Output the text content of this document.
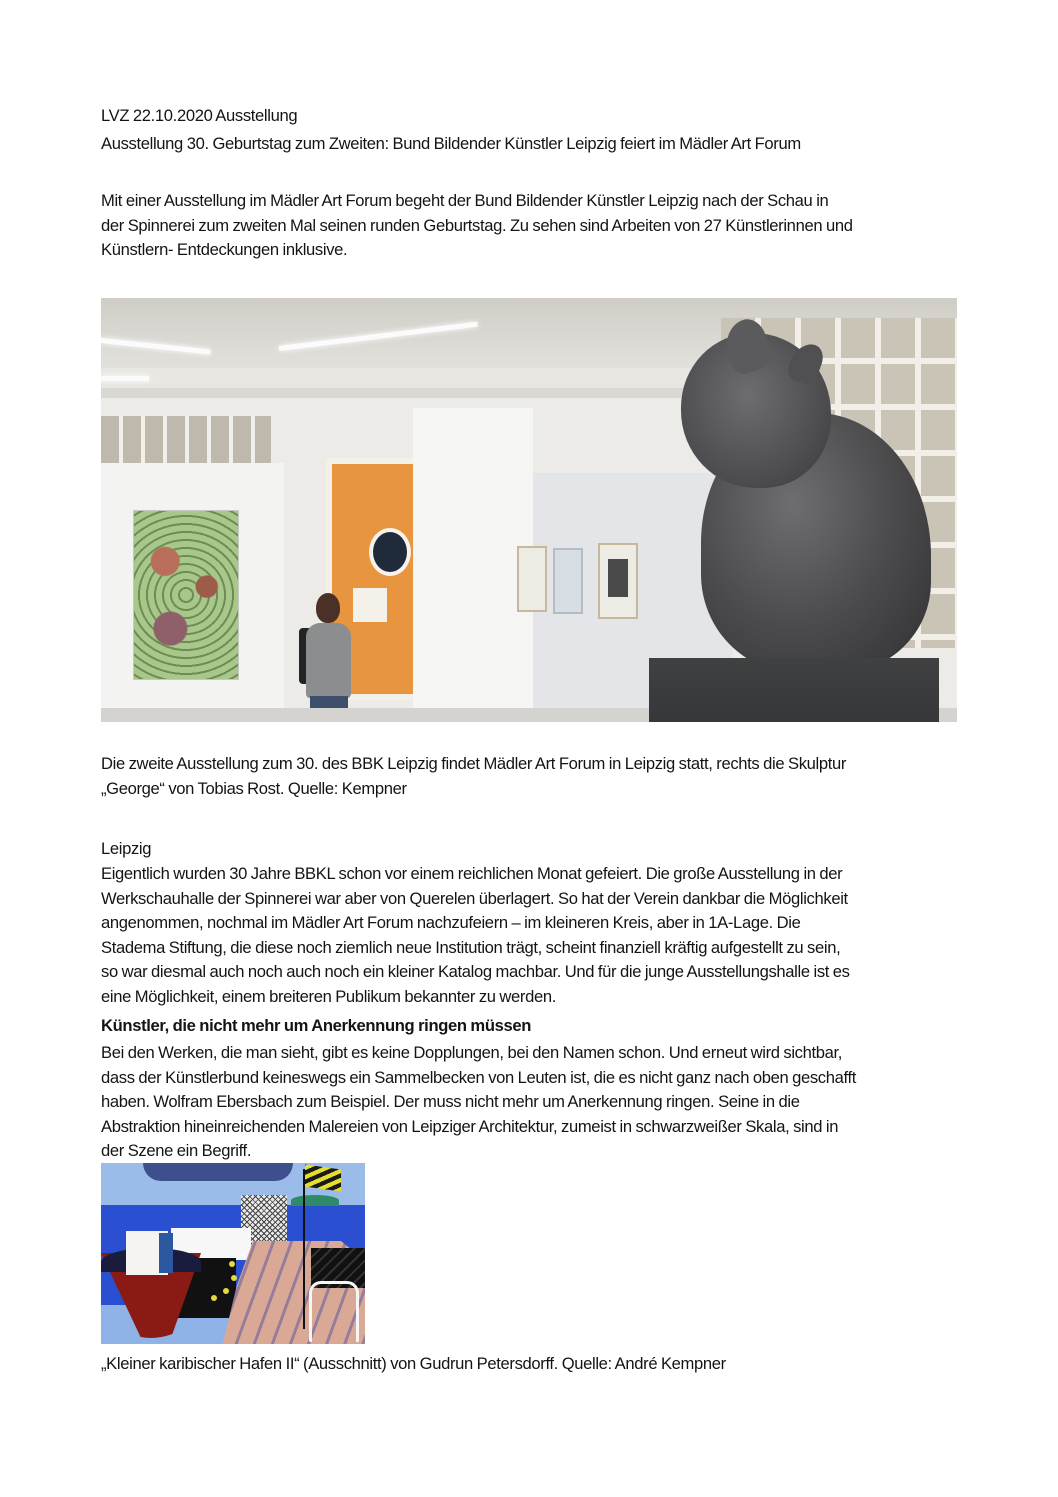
LVZ 22.10.2020 Ausstellung
Ausstellung 30. Geburtstag zum Zweiten: Bund Bildender Künstler Leipzig feiert im Mädler Art Forum
Mit einer Ausstellung im Mädler Art Forum begeht der Bund Bildender Künstler Leipzig nach der Schau in
der Spinnerei zum zweiten Mal seinen runden Geburtstag. Zu sehen sind Arbeiten von 27 Künstlerinnen und
Künstlern- Entdeckungen inklusive.
Die zweite Ausstellung zum 30. des BBK Leipzig findet Mädler Art Forum in Leipzig statt, rechts die Skulptur
„George“ von Tobias Rost. Quelle: Kempner
Leipzig
Eigentlich wurden 30 Jahre BBKL schon vor einem reichlichen Monat gefeiert. Die große Ausstellung in der
Werkschauhalle der Spinnerei war aber von Querelen überlagert. So hat der Verein dankbar die Möglichkeit
angenommen, nochmal im Mädler Art Forum nachzufeiern – im kleineren Kreis, aber in 1A-Lage. Die
Stadema Stiftung, die diese noch ziemlich neue Institution trägt, scheint finanziell kräftig aufgestellt zu sein,
so war diesmal auch noch auch noch ein kleiner Katalog machbar. Und für die junge Ausstellungshalle ist es
eine Möglichkeit, einem breiteren Publikum bekannter zu werden.
Künstler, die nicht mehr um Anerkennung ringen müssen
Bei den Werken, die man sieht, gibt es keine Dopplungen, bei den Namen schon. Und erneut wird sichtbar,
dass der Künstlerbund keineswegs ein Sammelbecken von Leuten ist, die es nicht ganz nach oben geschafft
haben. Wolfram Ebersbach zum Beispiel. Der muss nicht mehr um Anerkennung ringen. Seine in die
Abstraktion hineinreichenden Malereien von Leipziger Architektur, zumeist in schwarzweißer Skala, sind in
der Szene ein Begriff.
„Kleiner karibischer Hafen II“ (Ausschnitt) von Gudrun Petersdorff. Quelle: André Kempner
